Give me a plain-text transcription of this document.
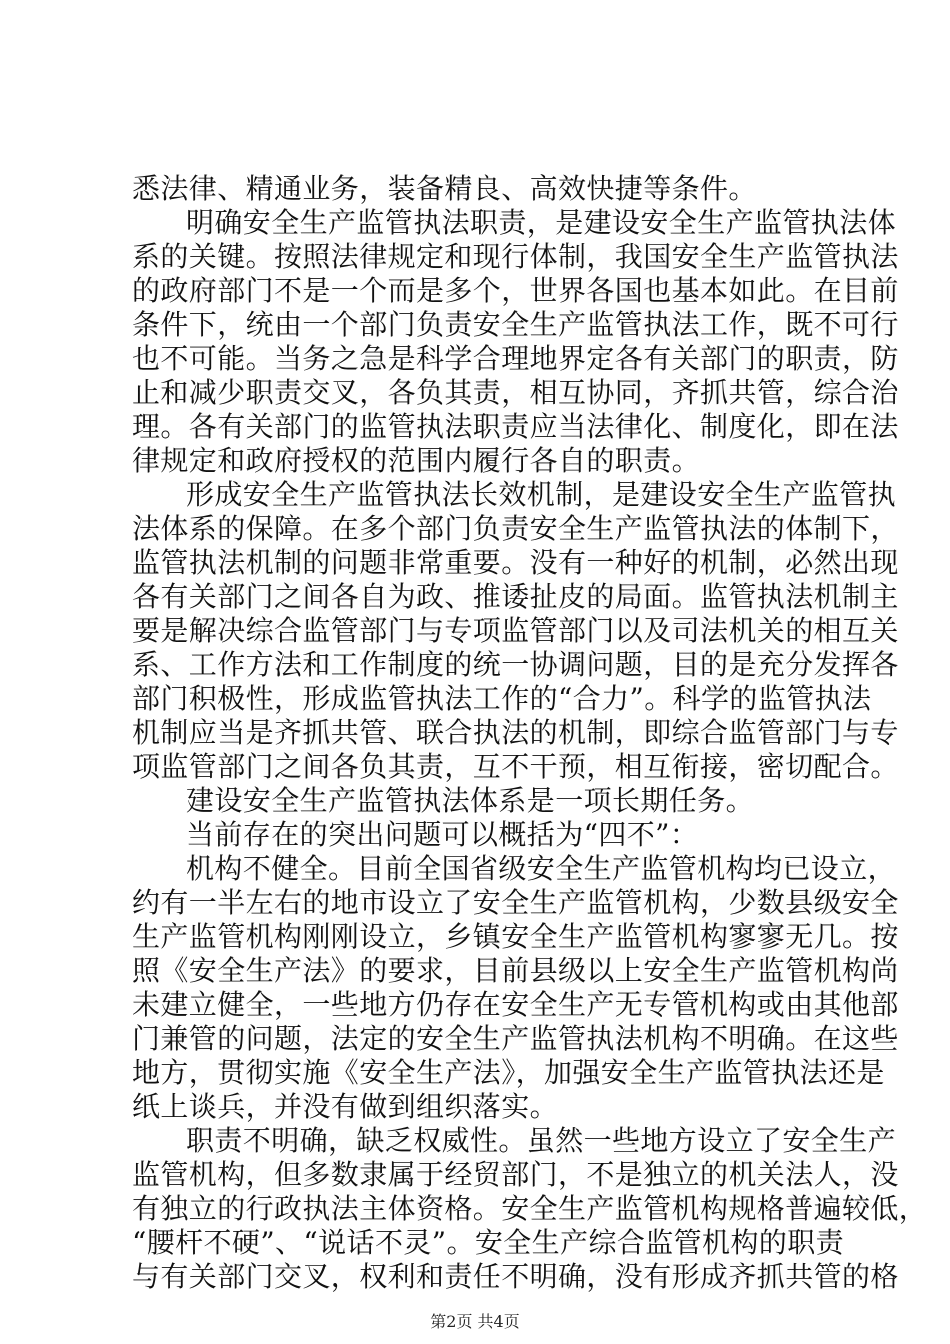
悉法律、精通业务，装备精良、高效快捷等条件。
明确安全生产监管执法职责，是建设安全生产监管执法体
系的关键。按照法律规定和现行体制，我国安全生产监管执法
的政府部门不是一个而是多个，世界各国也基本如此。在目前
条件下，统由一个部门负责安全生产监管执法工作，既不可行
也不可能。当务之急是科学合理地界定各有关部门的职责，防
止和减少职责交叉，各负其责，相互协同，齐抓共管，综合治
理。各有关部门的监管执法职责应当法律化、制度化，即在法
律规定和政府授权的范围内履行各自的职责。
形成安全生产监管执法长效机制，是建设安全生产监管执
法体系的保障。在多个部门负责安全生产监管执法的体制下，
监管执法机制的问题非常重要。没有一种好的机制，必然出现
各有关部门之间各自为政、推诿扯皮的局面。监管执法机制主
要是解决综合监管部门与专项监管部门以及司法机关的相互关
系、工作方法和工作制度的统一协调问题，目的是充分发挥各
部门积极性，形成监管执法工作的“合力”。科学的监管执法
机制应当是齐抓共管、联合执法的机制，即综合监管部门与专
项监管部门之间各负其责，互不干预，相互衔接，密切配合。
建设安全生产监管执法体系是一项长期任务。
当前存在的突出问题可以概括为“四不”：
机构不健全。目前全国省级安全生产监管机构均已设立，
约有一半左右的地市设立了安全生产监管机构，少数县级安全
生产监管机构刚刚设立，乡镇安全生产监管机构寥寥无几。按
照《安全生产法》的要求，目前县级以上安全生产监管机构尚
未建立健全，一些地方仍存在安全生产无专管机构或由其他部
门兼管的问题，法定的安全生产监管执法机构不明确。在这些
地方，贯彻实施《安全生产法》，加强安全生产监管执法还是
纸上谈兵，并没有做到组织落实。
职责不明确，缺乏权威性。虽然一些地方设立了安全生产
监管机构，但多数隶属于经贸部门，不是独立的机关法人，没
有独立的行政执法主体资格。安全生产监管机构规格普遍较低，
“腰杆不硬”、“说话不灵”。安全生产综合监管机构的职责
与有关部门交叉，权利和责任不明确，没有形成齐抓共管的格
第2页 共4页
